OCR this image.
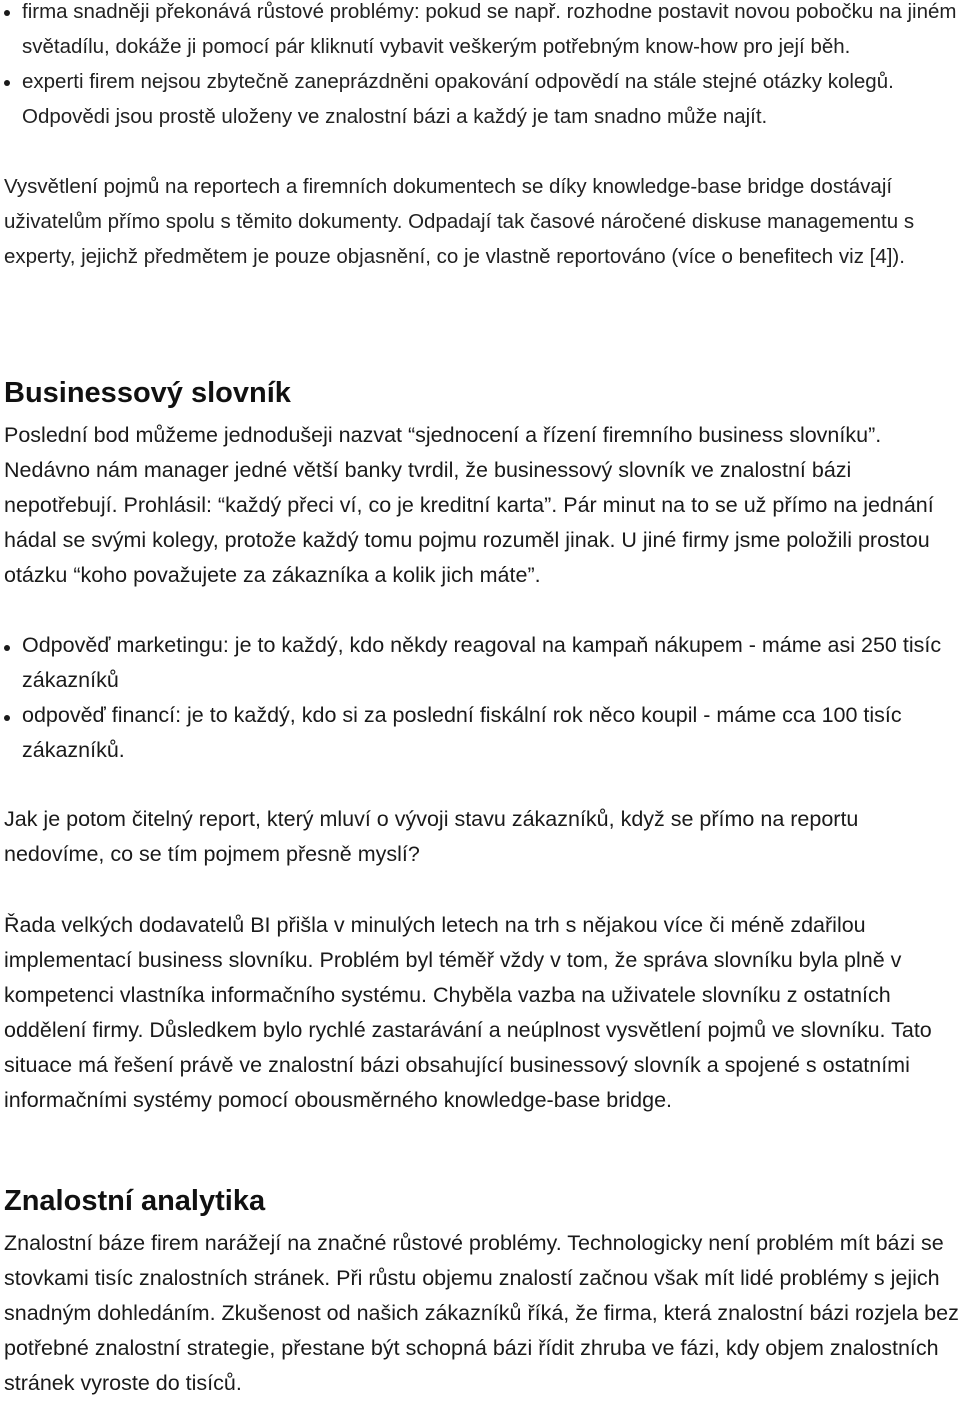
firma snadněji překonává růstové problémy: pokud se např. rozhodne postavit novou pobočku na jiném světadílu, dokáže ji pomocí pár kliknutí vybavit veškerým potřebným know-how pro její běh.

experti firem nejsou zbytečně zaneprázdněni opakování odpovědí na stále stejné otázky kolegů. Odpovědi jsou prostě uloženy ve znalostní bázi a každý je tam snadno může najít.

Vysvětlení pojmů na reportech a firemních dokumentech se díky knowledge-base bridge dostávají uživatelům přímo spolu s těmito dokumenty. Odpadají tak časové náročené diskuse managementu s experty, jejichž předmětem je pouze objasnění, co je vlastně reportováno (více o benefitech viz [4]).

Businessový slovník

Poslední bod můžeme jednodušeji nazvat “sjednocení a řízení firemního business slovníku”. Nedávno nám manager jedné větší banky tvrdil, že businessový slovník ve znalostní bázi nepotřebují. Prohlásil: “každý přeci ví, co je kreditní karta”. Pár minut na to se už přímo na jednání hádal se svými kolegy, protože každý tomu pojmu rozuměl jinak. U jiné firmy jsme položili prostou otázku “koho považujete za zákazníka a kolik jich máte”.

Odpověď marketingu: je to každý, kdo někdy reagoval na kampaň nákupem - máme asi 250 tisíc zákazníků

odpověď financí: je to každý, kdo si za poslední fiskální rok něco koupil - máme cca 100 tisíc zákazníků.

Jak je potom čitelný report, který mluví o vývoji stavu zákazníků, když se přímo na reportu nedovíme, co se tím pojmem přesně myslí?

Řada velkých dodavatelů BI přišla v minulých letech na trh s nějakou více či méně zdařilou implementací business slovníku. Problém byl téměř vždy v tom, že správa slovníku byla plně v kompetenci vlastníka informačního systému. Chyběla vazba na uživatele slovníku z ostatních oddělení firmy. Důsledkem bylo rychlé zastarávání a neúplnost vysvětlení pojmů ve slovníku. Tato situace má řešení právě ve znalostní bázi obsahující businessový slovník a spojené s ostatními informačními systémy pomocí obousměrného knowledge-base bridge.

Znalostní analytika

Znalostní báze firem narážejí na značné růstové problémy. Technologicky není problém mít bázi se stovkami tisíc znalostních stránek. Při růstu objemu znalostí začnou však mít lidé problémy s jejich snadným dohledáním. Zkušenost od našich zákazníků říká, že firma, která znalostní bázi rozjela bez potřebné znalostní strategie, přestane být schopná bázi řídit zhruba ve fázi, kdy objem znalostních stránek vyroste do tisíců.
